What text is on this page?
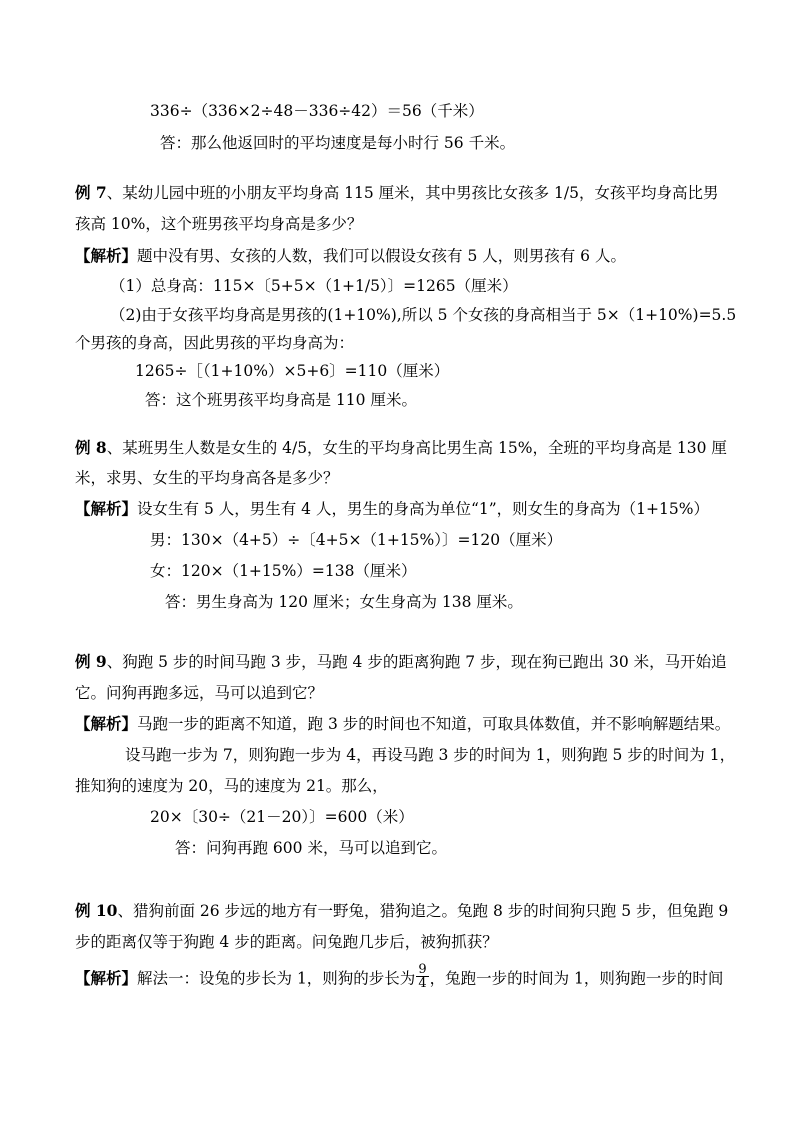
336÷（336×2÷48－336÷42）＝56（千米）
答：那么他返回时的平均速度是每小时行 56 千米。
例 7、某幼儿园中班的小朋友平均身高 115 厘米，其中男孩比女孩多 1/5，女孩平均身高比男
孩高 10%，这个班男孩平均身高是多少？
【解析】题中没有男、女孩的人数，我们可以假设女孩有 5 人，则男孩有 6 人。
（1）总身高：115×〔5+5×（1+1/5）〕=1265（厘米）
（2)由于女孩平均身高是男孩的(1+10%),所以 5 个女孩的身高相当于 5×（1+10%)=5.5
个男孩的身高，因此男孩的平均身高为：
1265÷［（1+10%）×5+6〕=110（厘米）
答：这个班男孩平均身高是 110 厘米。
例 8、某班男生人数是女生的 4/5，女生的平均身高比男生高 15%，全班的平均身高是 130 厘
米，求男、女生的平均身高各是多少？
【解析】设女生有 5 人，男生有 4 人，男生的身高为单位“1”，则女生的身高为（1+15%）
男：130×（4+5）÷〔4+5×（1+15%）〕=120（厘米）
女：120×（1+15%）=138（厘米）
答：男生身高为 120 厘米；女生身高为 138 厘米。
例 9、狗跑 5 步的时间马跑 3 步，马跑 4 步的距离狗跑 7 步，现在狗已跑出 30 米，马开始追
它。问狗再跑多远，马可以追到它？
【解析】马跑一步的距离不知道，跑 3 步的时间也不知道，可取具体数值，并不影响解题结果。
设马跑一步为 7，则狗跑一步为 4，再设马跑 3 步的时间为 1，则狗跑 5 步的时间为 1，
推知狗的速度为 20，马的速度为 21。那么，
20×〔30÷（21－20）〕=600（米）
答：问狗再跑 600 米，马可以追到它。
例 10、猎狗前面 26 步远的地方有一野兔，猎狗追之。兔跑 8 步的时间狗只跑 5 步，但兔跑 9
步的距离仅等于狗跑 4 步的距离。问兔跑几步后，被狗抓获？
【解析】解法一：设兔的步长为 1，则狗的步长为 $\frac{9}{4}$ ，兔跑一步的时间为 1，则狗跑一步的时间
